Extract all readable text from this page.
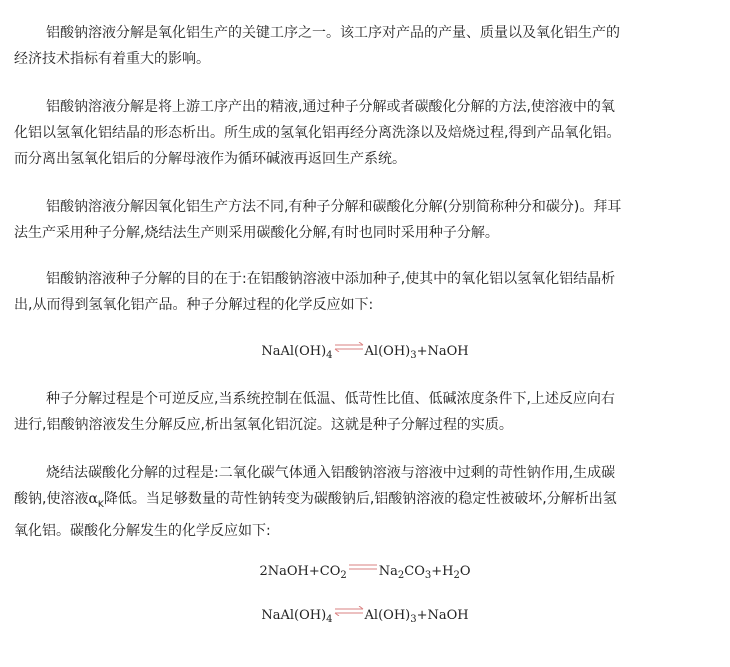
铝酸钠溶液分解是氧化铝生产的关键工序之一。该工序对产品的产量、质量以及氧化铝生产的
经济技术指标有着重大的影响。

铝酸钠溶液分解是将上游工序产出的精液,通过种子分解或者碳酸化分解的方法,使溶液中的氧
化铝以氢氧化铝结晶的形态析出。所生成的氢氧化铝再经分离洗涤以及焙烧过程,得到产品氧化铝。
而分离出氢氧化铝后的分解母液作为循环碱液再返回生产系统。

铝酸钠溶液分解因氧化铝生产方法不同,有种子分解和碳酸化分解(分别简称种分和碳分)。拜耳
法生产采用种子分解,烧结法生产则采用碳酸化分解,有时也同时采用种子分解。

铝酸钠溶液种子分解的目的在于:在铝酸钠溶液中添加种子,使其中的氧化铝以氢氧化铝结晶析
出,从而得到氢氧化铝产品。种子分解过程的化学反应如下:

$NaAl(OH)_4$ $\rightleftharpoons Al(OH)_3+NaOH$

种子分解过程是个可逆反应,当系统控制在低温、低苛性比值、低碱浓度条件下,上述反应向右
进行,铝酸钠溶液发生分解反应,析出氢氧化铝沉淀。这就是种子分解过程的实质。

烧结法碳酸化分解的过程是:二氧化碳气体通入铝酸钠溶液与溶液中过剩的苛性钠作用,生成碳
酸钠,使溶液$\alpha_K$降低。当足够数量的苛性钠转变为碳酸钠后,铝酸钠溶液的稳定性被破坏,分解析出氢
氧化铝。碳酸化分解发生的化学反应如下:

$2NaOH+CO_2$ $Na_2CO_3+H_2O$
$NaAl(OH)_4$ $\rightleftharpoons Al(OH)_3+NaOH$
